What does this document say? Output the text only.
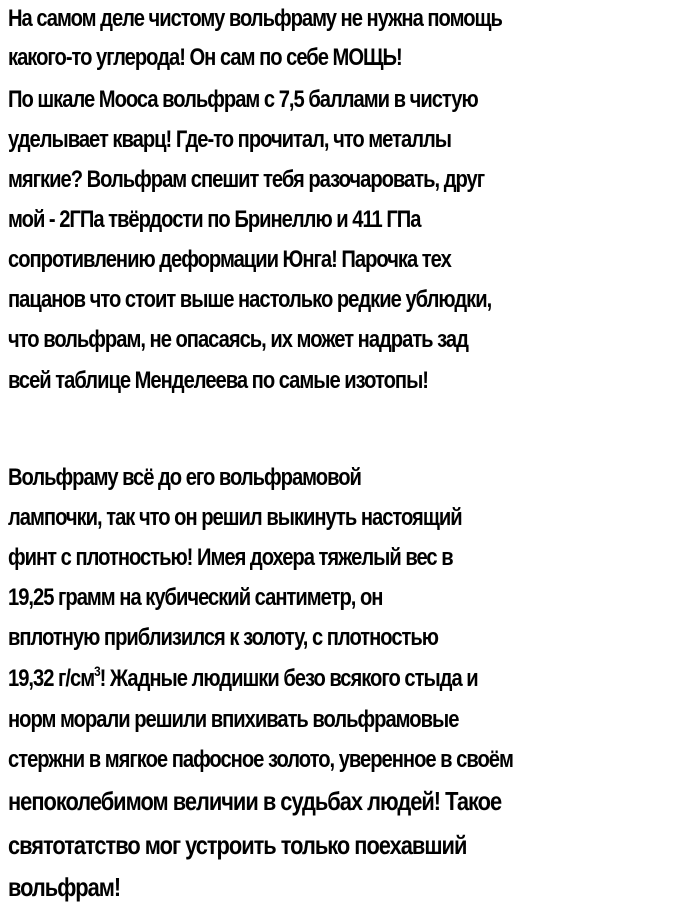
На самом деле чистому вольфраму не нужна помощь
какого-то углерода! Он сам по себе МОЩЬ!
По шкале Мооса вольфрам с 7,5 баллами в чистую
уделывает кварц! Где-то прочитал, что металлы
мягкие? Вольфрам спешит тебя разочаровать, друг
мой - 2ГПа твёрдости по Бринеллю и 411 ГПа
сопротивлению деформации Юнга! Парочка тех
пацанов что стоит выше настолько редкие ублюдки,
что вольфрам, не опасаясь, их может надрать зад
всей таблице Менделеева по самые изотопы!
Вольфраму всё до его вольфрамовой
лампочки, так что он решил выкинуть настоящий
финт с плотностью! Имея дохера тяжелый вес в
19,25 грамм на кубический сантиметр, он
вплотную приблизился к золоту, с плотностью
19,32 $г/см^3$! Жадные людишки безо всякого стыда и
норм морали решили впихивать вольфрамовые
стержни в мягкое пафосное золото, уверенное в своём
непоколебимом величии в судьбах людей! Такое
святотатство мог устроить только поехавший
вольфрам!
